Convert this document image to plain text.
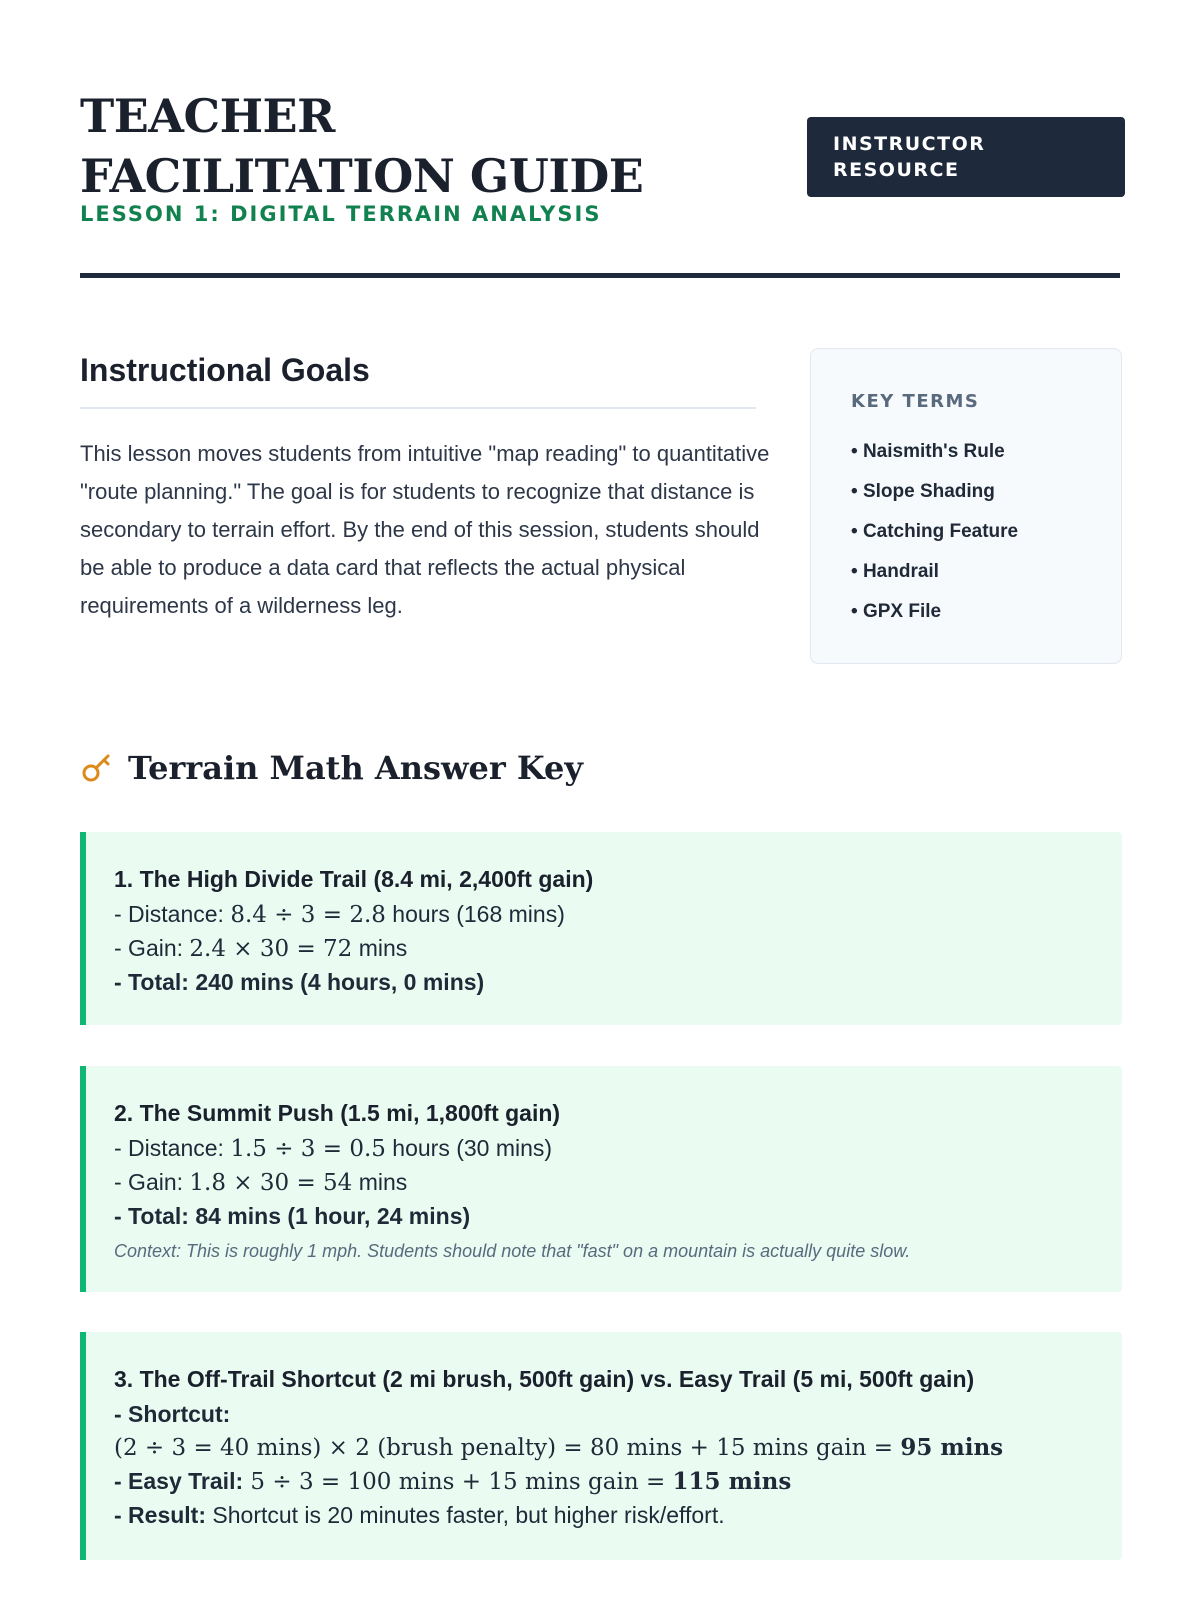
TEACHER FACILITATION GUIDE
LESSON 1: DIGITAL TERRAIN ANALYSIS
INSTRUCTOR RESOURCE
Instructional Goals

This lesson moves students from intuitive "map reading" to quantitative "route planning." The goal is for students to recognize that distance is secondary to terrain effort. By the end of this session, students should be able to produce a data card that reflects the actual physical requirements of a wilderness leg.

KEY TERMS
• Naismith's Rule
• Slope Shading
• Catching Feature
• Handrail
• GPX File
Terrain Math Answer Key
1. The High Divide Trail (8.4 mi, 2,400ft gain)
- Distance: 8.4 ÷ 3 = 2.8 hours (168 mins)
- Gain: 2.4 × 30 = 72 mins
- Total: 240 mins (4 hours, 0 mins)
2. The Summit Push (1.5 mi, 1,800ft gain)
- Distance: 1.5 ÷ 3 = 0.5 hours (30 mins)
- Gain: 1.8 × 30 = 54 mins
- Total: 84 mins (1 hour, 24 mins)
Context: This is roughly 1 mph. Students should note that "fast" on a mountain is actually quite slow.
3. The Off-Trail Shortcut (2 mi brush, 500ft gain) vs. Easy Trail (5 mi, 500ft gain)
- Shortcut:
(2 ÷ 3 = 40 mins) × 2 (brush penalty) = 80 mins + 15 mins gain = 95 mins
- Easy Trail: 5 ÷ 3 = 100 mins + 15 mins gain = 115 mins
- Result: Shortcut is 20 minutes faster, but higher risk/effort.
